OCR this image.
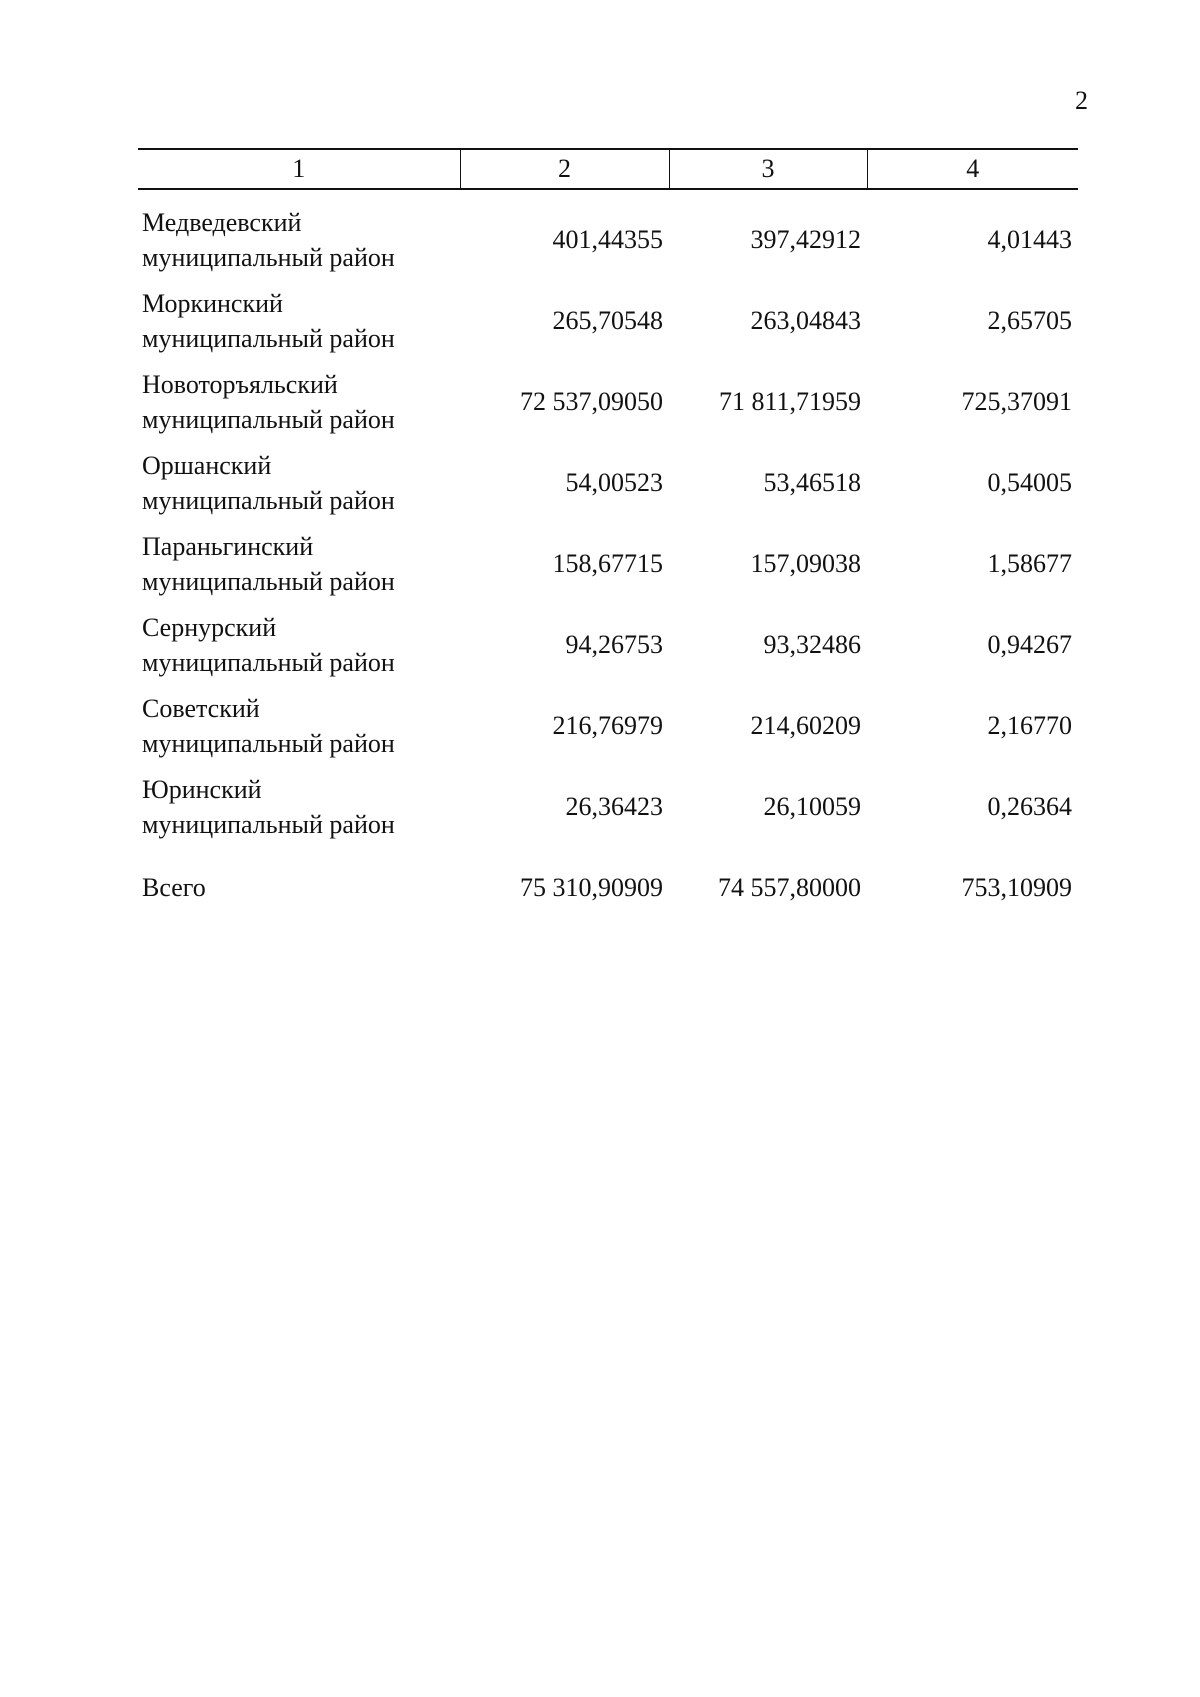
2
1	2	3	4
Медведевский
муниципальный район	401,44355	397,42912	4,01443
Моркинский
муниципальный район	265,70548	263,04843	2,65705
Новоторъяльский
муниципальный район	72 537,09050	71 811,71959	725,37091
Оршанский
муниципальный район	54,00523	53,46518	0,54005
Параньгинский
муниципальный район	158,67715	157,09038	1,58677
Сернурский
муниципальный район	94,26753	93,32486	0,94267
Советский
муниципальный район	216,76979	214,60209	2,16770
Юринский
муниципальный район	26,36423	26,10059	0,26364
Всего	75 310,90909	74 557,80000	753,10909
